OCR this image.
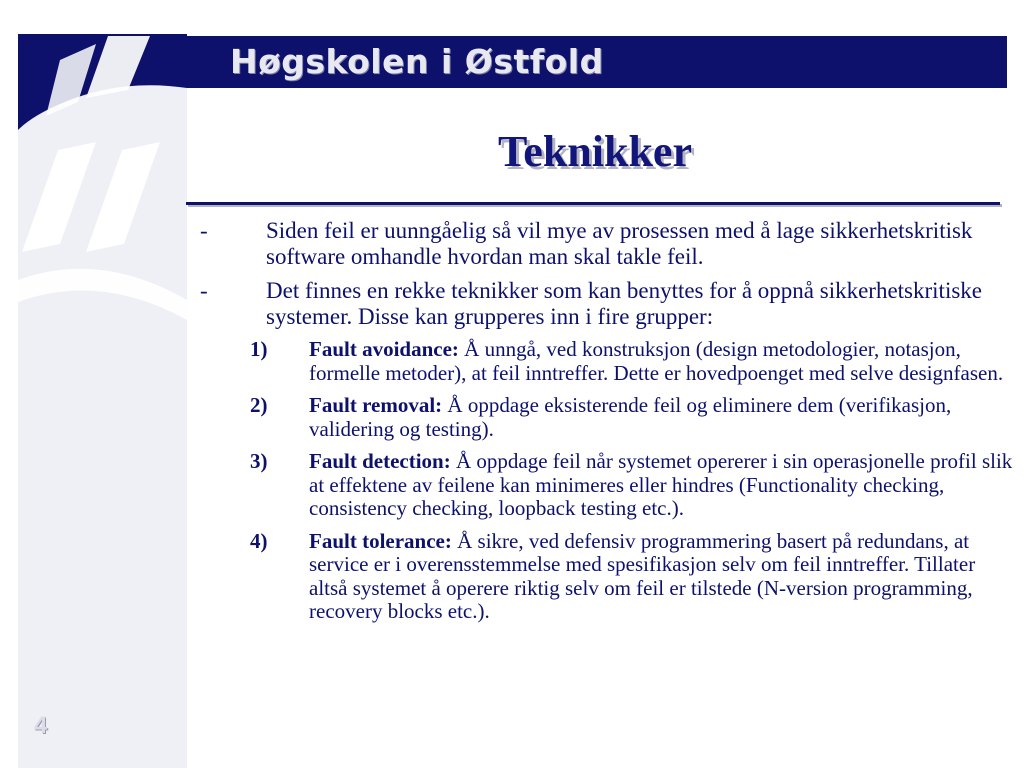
Høgskolen i Østfold
Teknikker
-	Siden feil er uunngåelig så vil mye av prosessen med å lage sikkerhetskritisk software omhandle hvordan man skal takle feil.
-	Det finnes en rekke teknikker som kan benyttes for å oppnå sikkerhetskritiske systemer. Disse kan grupperes inn i fire grupper:
1) Fault avoidance: Å unngå, ved konstruksjon (design metodologier, notasjon, formelle metoder), at feil inntreffer. Dette er hovedpoenget med selve designfasen.
2) Fault removal: Å oppdage eksisterende feil og eliminere dem (verifikasjon, validering og testing).
3) Fault detection: Å oppdage feil når systemet opererer i sin operasjonelle profil slik at effektene av feilene kan minimeres eller hindres (Functionality checking, consistency checking, loopback testing etc.).
4) Fault tolerance: Å sikre, ved defensiv programmering basert på redundans, at service er i overensstemmelse med spesifikasjon selv om feil inntreffer. Tillater altså systemet å operere riktig selv om feil er tilstede (N-version programming, recovery blocks etc.).
4
